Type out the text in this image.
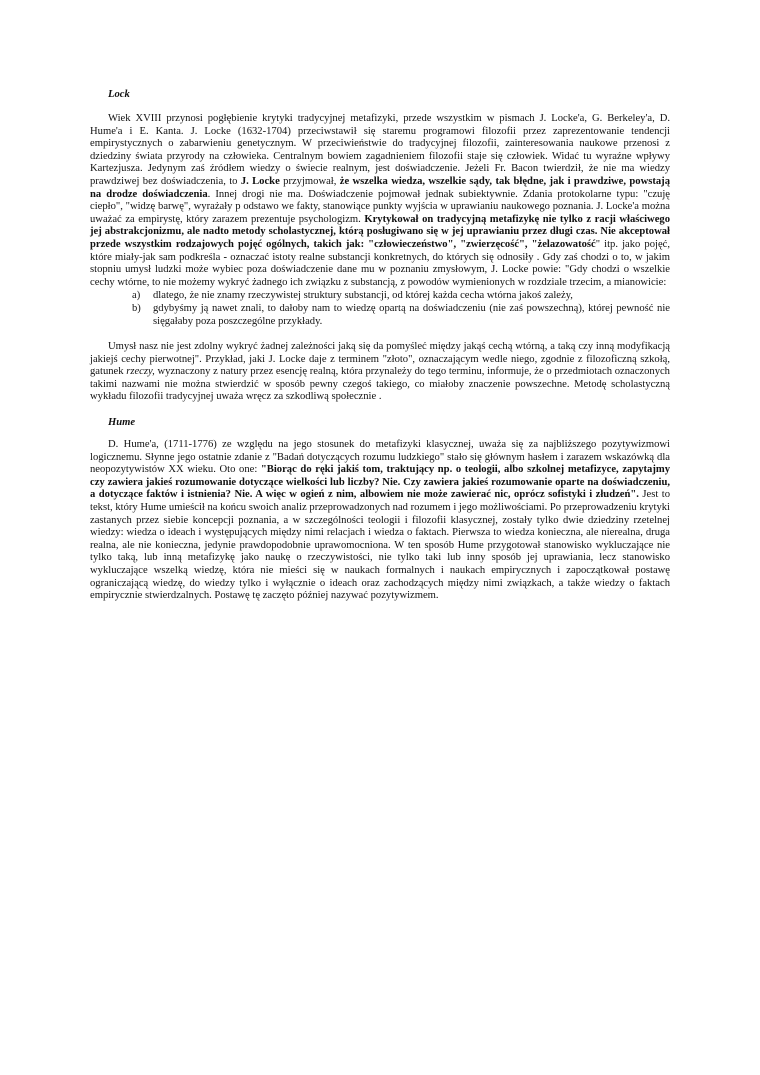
Lock

Wiek XVIII przynosi pogłębienie krytyki tradycyjnej metafizyki, przede wszystkim w pismach J. Locke'a, G. Berkeley'a, D. Hume'a i E. Kanta. J. Locke (1632-1704) przeciwstawił się staremu programowi filozofii przez zaprezentowanie tendencji empirystycznych o zabarwieniu genetycznym. W przeciwieństwie do tradycyjnej filozofii, zainteresowania naukowe przenosi z dziedziny świata przyrody na człowieka. Centralnym bowiem zagadnieniem filozofii staje się człowiek. Widać tu wyraźne wpływy Kartezjusza. Jedynym zaś źródłem wiedzy o świecie realnym, jest doświadczenie. Jeżeli Fr. Bacon twierdził, że nie ma wiedzy prawdziwej bez doświadczenia, to J. Locke przyjmował, że wszelka wiedza, wszelkie sądy, tak błędne, jak i prawdziwe, powstają na drodze doświadczenia. Innej drogi nie ma. Doświadczenie pojmował jednak subiektywnie. Zdania protokolarne typu: "czuję ciepło", "widzę barwę", wyrażały p odstawo we fakty, stanowiące punkty wyjścia w uprawianiu naukowego poznania. J. Locke'a można uważać za empirystę, który zarazem prezentuje psychologizm. Krytykował on tradycyjną metafizykę nie tylko z racji właściwego jej abstrakcjonizmu, ale nadto metody scholastycznej, którą posługiwano się w jej uprawianiu przez długi czas. Nie akceptował przede wszystkim rodzajowych pojęć ogólnych, takich jak: "człowieczeństwo", "zwierzęcość", "żelazowatość" itp. jako pojęć, które miały-jak sam podkreśla - oznaczać istoty realne substancji konkretnych, do których się odnosiły . Gdy zaś chodzi o to, w jakim stopniu umysł ludzki może wybiec poza doświadczenie dane mu w poznaniu zmysłowym, J. Locke powie: "Gdy chodzi o wszelkie cechy wtórne, to nie możemy wykryć żadnego ich związku z substancją, z powodów wymienionych w rozdziale trzecim, a mianowicie:

a)	dlatego, że nie znamy rzeczywistej struktury substancji, od której każda cecha wtórna jakoś zależy,
b)	gdybyśmy ją nawet znali, to dałoby nam to wiedzę opartą na doświadczeniu (nie zaś powszechną), której pewność nie sięgałaby poza poszczególne przykłady.

Umysł nasz nie jest zdolny wykryć żadnej zależności jaką się da pomyśleć między jakąś cechą wtórną, a taką czy inną modyfikacją jakiejś cechy pierwotnej". Przykład, jaki J. Locke daje z terminem "złoto", oznaczającym wedle niego, zgodnie z filozoficzną szkołą, gatunek rzeczy, wyznaczony z natury przez esencję realną, która przynależy do tego terminu, informuje, że o przedmiotach oznaczonych takimi nazwami nie można stwierdzić w sposób pewny czegoś takiego, co miałoby znaczenie powszechne. Metodę scholastyczną wykładu filozofii tradycyjnej uważa wręcz za szkodliwą społecznie .

Hume

D. Hume'a, (1711-1776) ze względu na jego stosunek do metafizyki klasycznej, uważa się za najbliższego pozytywizmowi logicznemu. Słynne jego ostatnie zdanie z "Badań dotyczących rozumu ludzkiego" stało się głównym hasłem i zarazem wskazówką dla neopozytywistów XX wieku. Oto one: "Biorąc do ręki jakiś tom, traktujący np. o teologii, albo szkolnej metafizyce, zapytajmy czy zawiera jakieś rozumowanie dotyczące wielkości lub liczby? Nie. Czy zawiera jakieś rozumowanie oparte na doświadczeniu, a dotyczące faktów i istnienia? Nie. A więc w ogień z nim, albowiem nie może zawierać nic, oprócz sofistyki i złudzeń". Jest to tekst, który Hume umieścił na końcu swoich analiz przeprowadzonych nad rozumem i jego możliwościami. Po przeprowadzeniu krytyki zastanych przez siebie koncepcji poznania, a w szczególności teologii i filozofii klasycznej, zostały tylko dwie dziedziny rzetelnej wiedzy: wiedza o ideach i występujących między nimi relacjach i wiedza o faktach. Pierwsza to wiedza konieczna, ale nierealna, druga realna, ale nie konieczna, jedynie prawdopodobnie uprawomocniona. W ten sposób Hume przygotował stanowisko wykluczające nie tylko taką, lub inną metafizykę jako naukę o rzeczywistości, nie tylko taki lub inny sposób jej uprawiania, lecz stanowisko wykluczające wszelką wiedzę, która nie mieści się w naukach formalnych i naukach empirycznych i zapoczątkował postawę ograniczającą wiedzę, do wiedzy tylko i wyłącznie o ideach oraz zachodzących między nimi związkach, a także wiedzy o faktach empirycznie stwierdzalnych. Postawę tę zaczęto później nazywać pozytywizmem.
